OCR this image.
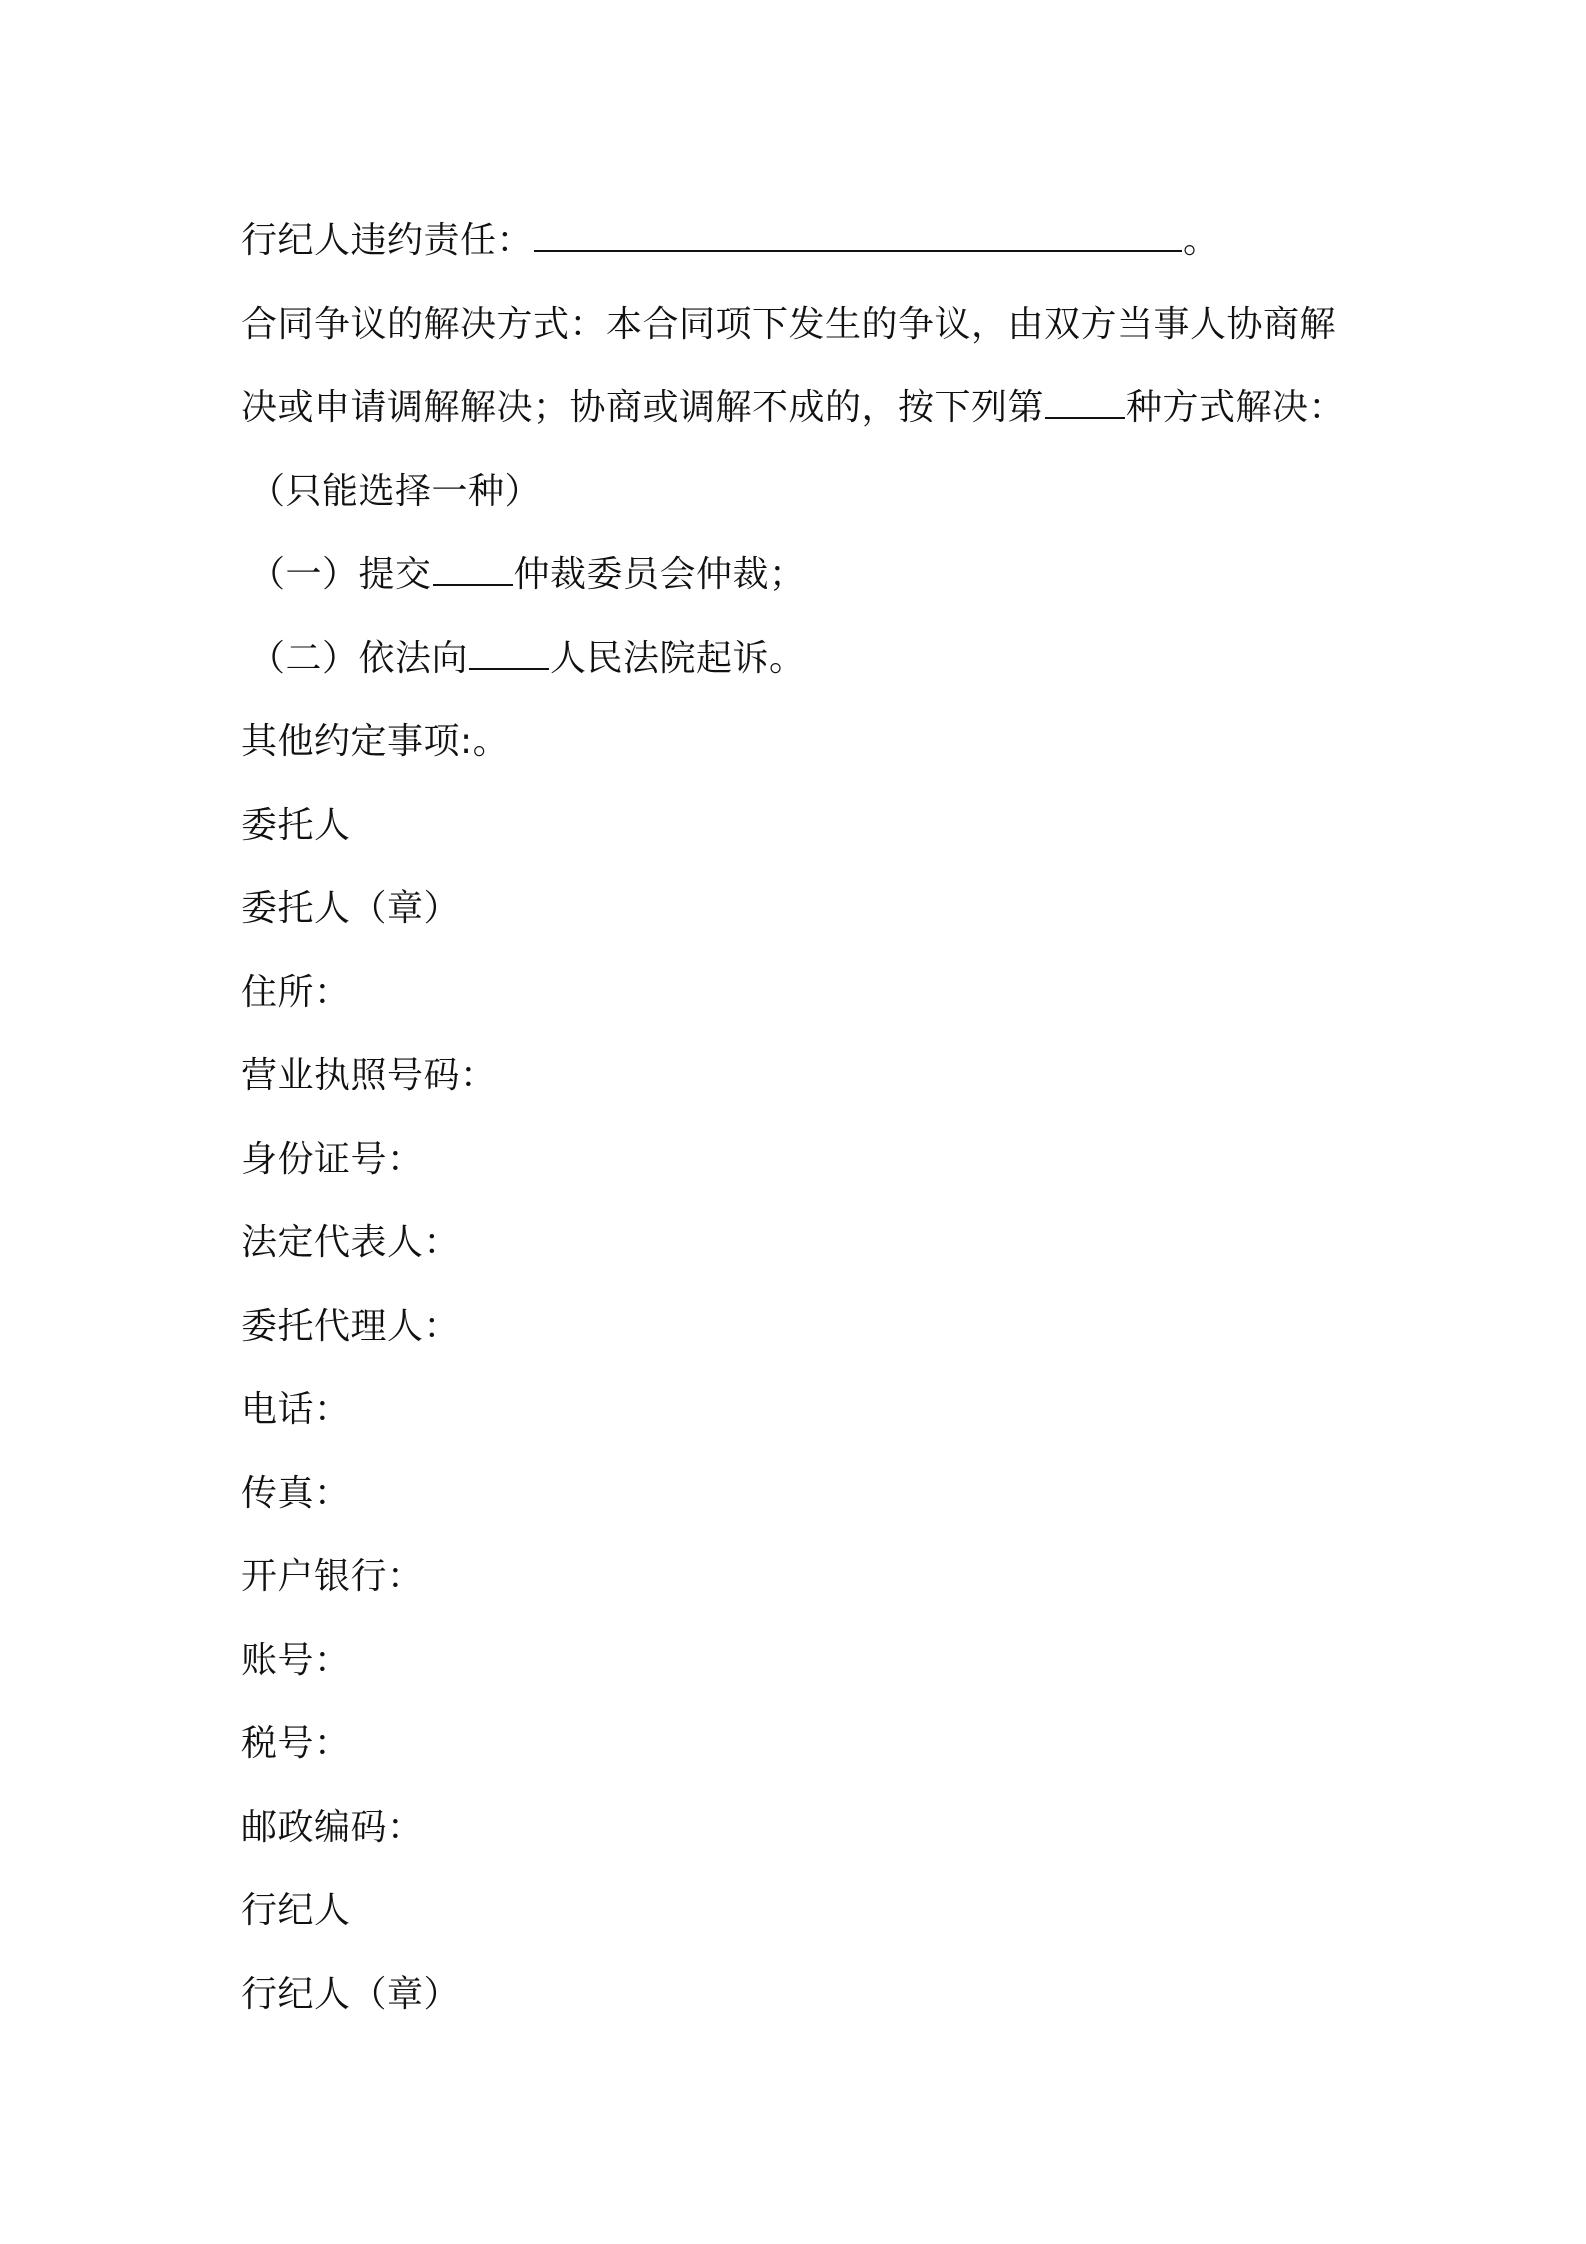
行纪人违约责任：	。
合同争议的解决方式：本合同项下发生的争议，由双方当事人协商解
决或申请调解解决；协商或调解不成的，按下列第 种方式解决：
（只能选择一种）
（一）提交 仲裁委员会仲裁；
（二）依法向 人民法院起诉。
其他约定事项:。
委托人
委托人（章）
住所：
营业执照号码：
身份证号：
法定代表人：
委托代理人：
电话：
传真：
开户银行：
账号：
税号：
邮政编码：
行纪人
行纪人（章）
